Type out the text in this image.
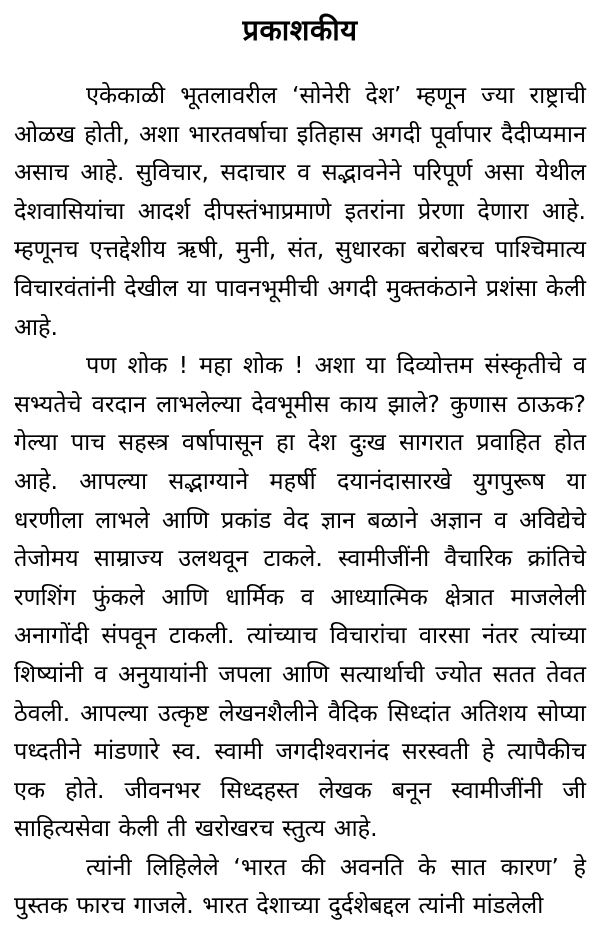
प्रकाशकीय

एकेकाळी भूतलावरील ‘सोनेरी देश’ म्हणून ज्या राष्ट्राची ओळख होती, अशा भारतवर्षाचा इतिहास अगदी पूर्वापार दैदीप्यमान असाच आहे. सुविचार, सदाचार व सद्भावनेने परिपूर्ण असा येथील देशवासियांचा आदर्श दीपस्तंभाप्रमाणे इतरांना प्रेरणा देणारा आहे. म्हणूनच एत्तद्देशीय ऋषी, मुनी, संत, सुधारका बरोबरच पाश्चिमात्य विचारवंतांनी देखील या पावनभूमीची अगदी मुक्तकंठाने प्रशंसा केली आहे.

पण शोक ! महा शोक ! अशा या दिव्योत्तम संस्कृतीचे व सभ्यतेचे वरदान लाभलेल्या देवभूमीस काय झाले? कुणास ठाऊक? गेल्या पाच सहस्त्र वर्षापासून हा देश दुःख सागरात प्रवाहित होत आहे. आपल्या सद्भाग्याने महर्षी दयानंदासारखे युगपुरूष या धरणीला लाभले आणि प्रकांड वेद ज्ञान बळाने अज्ञान व अविद्येचे तेजोमय साम्राज्य उलथवून टाकले. स्वामीजींनी वैचारिक क्रांतिचे रणशिंग फुंकले आणि धार्मिक व आध्यात्मिक क्षेत्रात माजलेली अनागोंदी संपवून टाकली. त्यांच्याच विचारांचा वारसा नंतर त्यांच्या शिष्यांनी व अनुयायांनी जपला आणि सत्यार्थाची ज्योत सतत तेवत ठेवली. आपल्या उत्कृष्ट लेखनशैलीने वैदिक सिध्दांत अतिशय सोप्या पध्दतीने मांडणारे स्व. स्वामी जगदीश्वरानंद सरस्वती हे त्यापैकीच एक होते. जीवनभर सिध्दहस्त लेखक बनून स्वामीजींनी जी साहित्यसेवा केली ती खरोखरच स्तुत्य आहे.

त्यांनी लिहिलेले ‘भारत की अवनति के सात कारण’ हे पुस्तक फारच गाजले. भारत देशाच्या दुर्दशेबद्दल त्यांनी मांडलेली
